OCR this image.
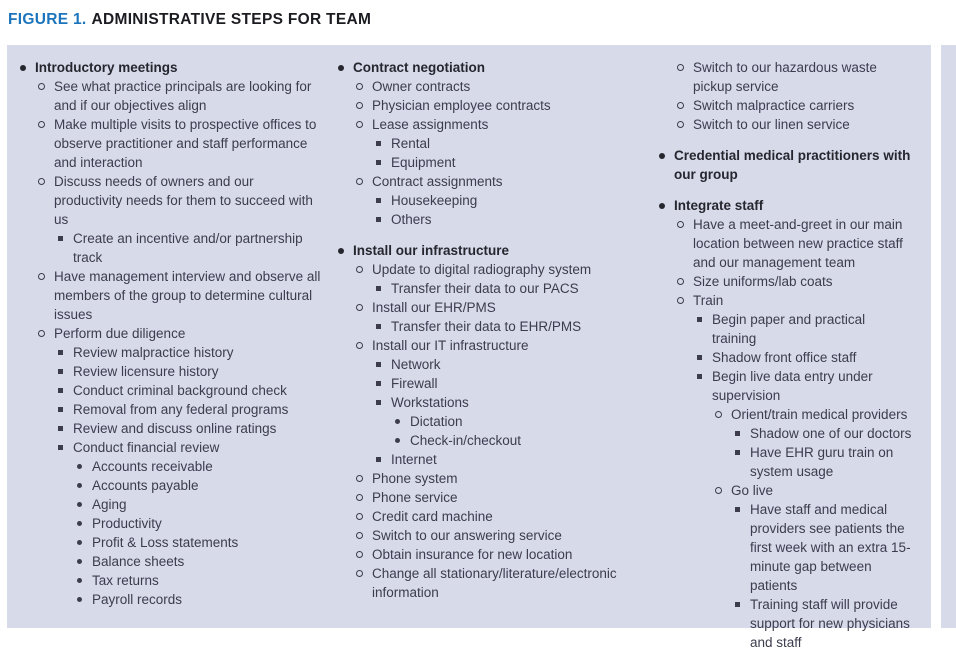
FIGURE 1. ADMINISTRATIVE STEPS FOR TEAM
Introductory meetings
See what practice principals are looking for and if our objectives align
Make multiple visits to prospective offices to observe practitioner and staff performance and interaction
Discuss needs of owners and our productivity needs for them to succeed with us
Create an incentive and/or partnership track
Have management interview and observe all members of the group to determine cultural issues
Perform due diligence
Review malpractice history
Review licensure history
Conduct criminal background check
Removal from any federal programs
Review and discuss online ratings
Conduct financial review
Accounts receivable
Accounts payable
Aging
Productivity
Profit & Loss statements
Balance sheets
Tax returns
Payroll records
Contract negotiation
Owner contracts
Physician employee contracts
Lease assignments
Rental
Equipment
Contract assignments
Housekeeping
Others
Install our infrastructure
Update to digital radiography system
Transfer their data to our PACS
Install our EHR/PMS
Transfer their data to EHR/PMS
Install our IT infrastructure
Network
Firewall
Workstations
Dictation
Check-in/checkout
Internet
Phone system
Phone service
Credit card machine
Switch to our answering service
Obtain insurance for new location
Change all stationary/literature/electronic information
Switch to our hazardous waste pickup service
Switch malpractice carriers
Switch to our linen service
Credential medical practitioners with our group
Integrate staff
Have a meet-and-greet in our main location between new practice staff and our management team
Size uniforms/lab coats
Train
Begin paper and practical training
Shadow front office staff
Begin live data entry under supervision
Orient/train medical providers
Shadow one of our doctors
Have EHR guru train on system usage
Go live
Have staff and medical providers see patients the first week with an extra 15-minute gap between patients
Training staff will provide support for new physicians and staff
